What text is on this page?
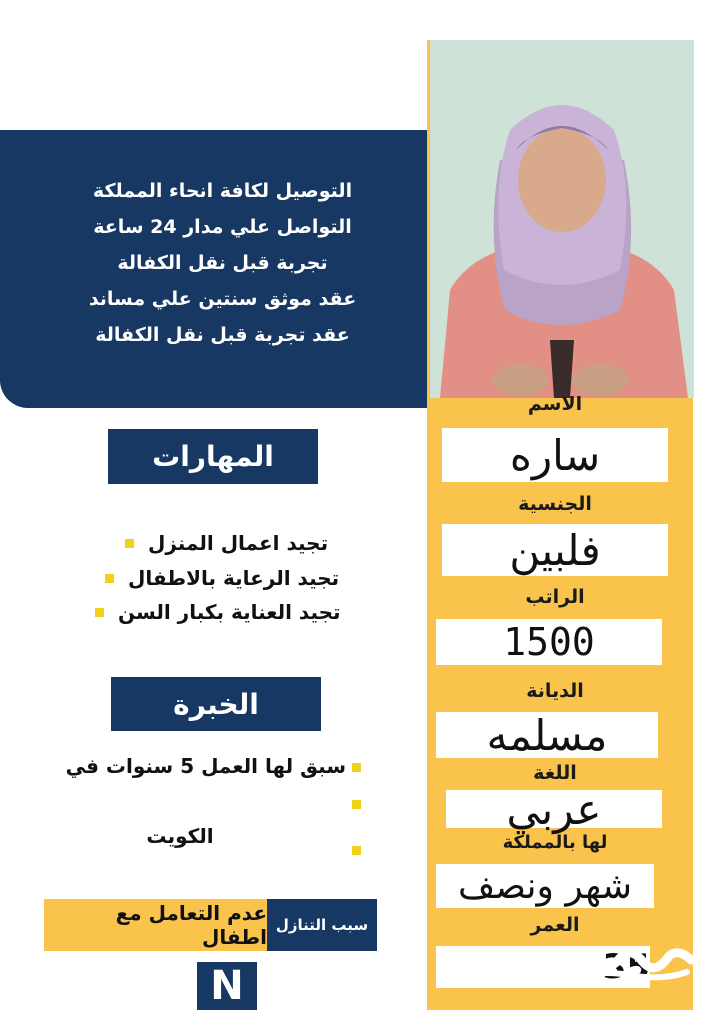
التوصيل لكافة انحاء المملكة
التواصل علي مدار 24 ساعة
تجربة قبل نقل الكفالة
عقد موثق سنتين علي مساند
عقد تجربة قبل نقل الكفالة
الاسم
ساره
الجنسية
فلبين
الراتب
1500
الديانة
مسلمه
اللغة
عربي
لها بالمملكة
شهر ونصف
العمر
35
المهارات
تجيد اعمال المنزل
تجيد الرعاية بالاطفال
تجيد العناية بكبار السن
الخبرة
سبق لها العمل 5 سنوات في
الكويت
عدم التعامل مع اطفال سبب التنازل
N
